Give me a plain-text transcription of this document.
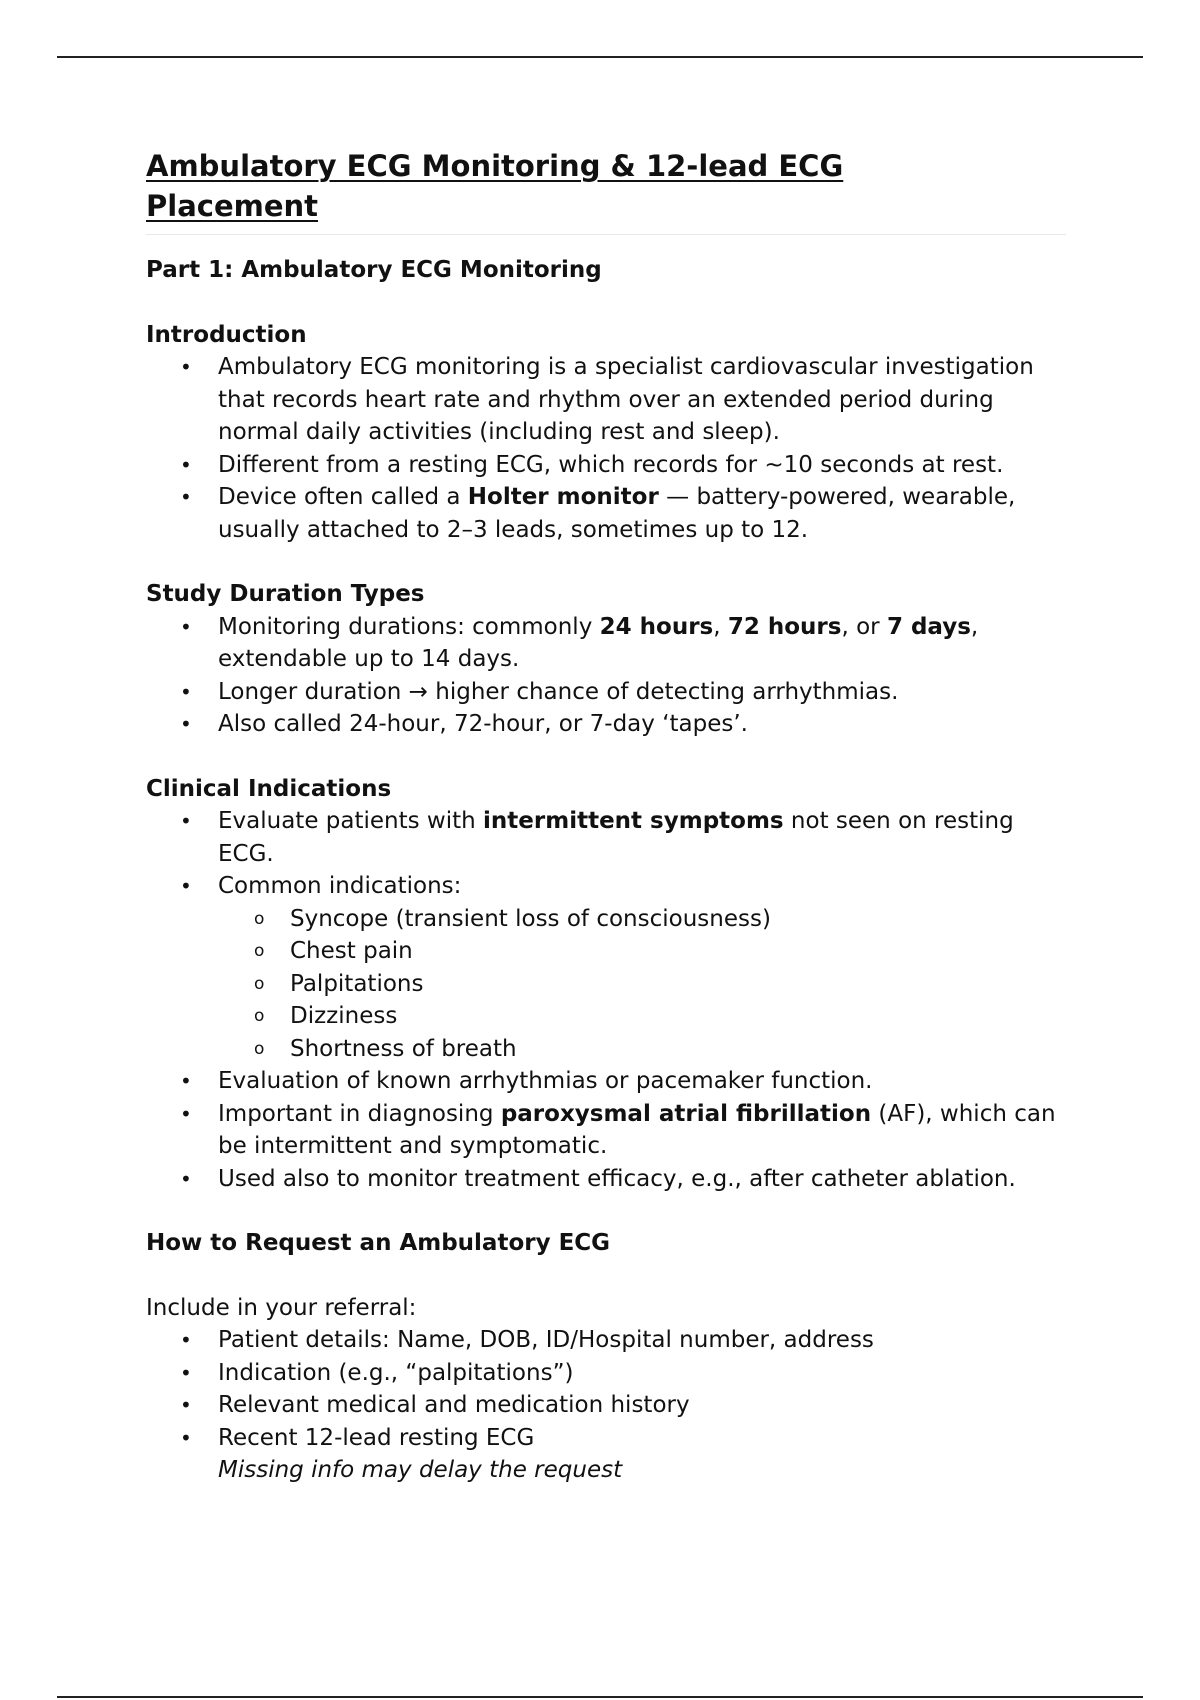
Ambulatory ECG Monitoring & 12-lead ECG
Placement

Part 1: Ambulatory ECG Monitoring

Introduction

• Ambulatory ECG monitoring is a specialist cardiovascular investigation that records heart rate and rhythm over an extended period during normal daily activities (including rest and sleep).
• Different from a resting ECG, which records for ~10 seconds at rest.
• Device often called a Holter monitor — battery-powered, wearable, usually attached to 2–3 leads, sometimes up to 12.

Study Duration Types

• Monitoring durations: commonly 24 hours, 72 hours, or 7 days, extendable up to 14 days.
• Longer duration → higher chance of detecting arrhythmias.
• Also called 24-hour, 72-hour, or 7-day ‘tapes’.

Clinical Indications

• Evaluate patients with intermittent symptoms not seen on resting ECG.
• Common indications:
o Syncope (transient loss of consciousness)
o Chest pain
o Palpitations
o Dizziness
o Shortness of breath
• Evaluation of known arrhythmias or pacemaker function.
• Important in diagnosing paroxysmal atrial fibrillation (AF), which can be intermittent and symptomatic.
• Used also to monitor treatment efficacy, e.g., after catheter ablation.

How to Request an Ambulatory ECG

Include in your referral:

• Patient details: Name, DOB, ID/Hospital number, address
• Indication (e.g., “palpitations”)
• Relevant medical and medication history
• Recent 12-lead resting ECG
Missing info may delay the request
